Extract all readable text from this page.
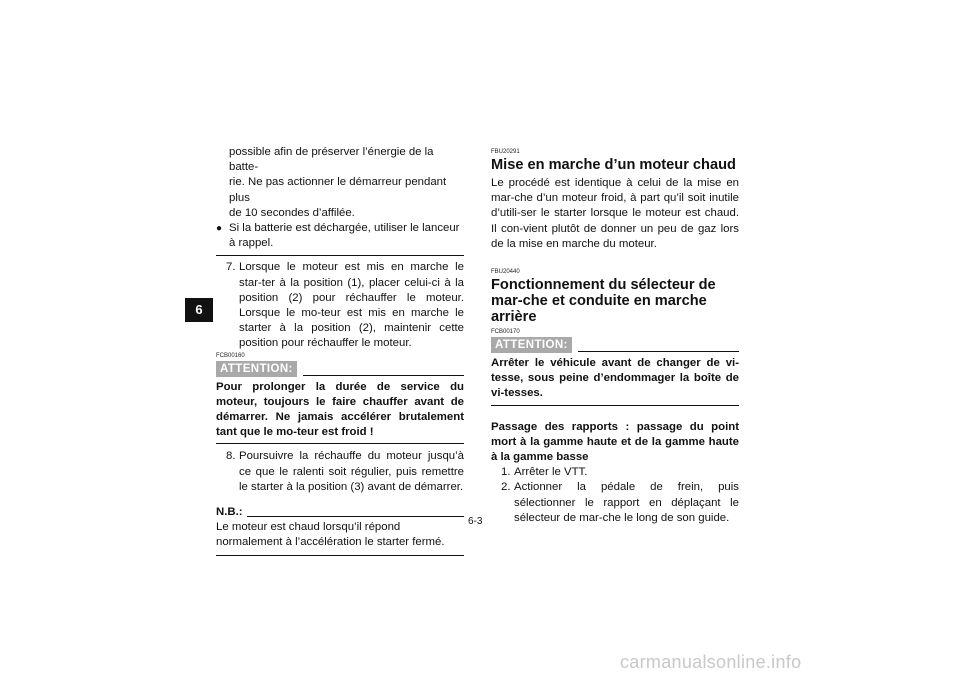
6

possible afin de préserver l’énergie de la batte-

rie. Ne pas actionner le démarreur pendant plus

de 10 secondes d’affilée.

● Si la batterie est déchargée, utiliser le lanceur à rappel.

7. Lorsque le moteur est mis en marche le star-ter à la position (1), placer celui-ci à la position (2) pour réchauffer le moteur. Lorsque le mo-teur est mis en marche le starter à la position (2), maintenir cette position pour réchauffer le moteur.

FCB00160
ATTENTION:

Pour prolonger la durée de service du moteur, toujours le faire chauffer avant de démarrer. Ne jamais accélérer brutalement tant que le mo-teur est froid !

8. Poursuivre la réchauffe du moteur jusqu’à ce que le ralenti soit régulier, puis remettre le starter à la position (3) avant de démarrer.

N.B.:

Le moteur est chaud lorsqu’il répond normalement à l’accélération le starter fermé.

FBU20291
Mise en marche d’un moteur chaud

Le procédé est identique à celui de la mise en mar-che d’un moteur froid, à part qu’il soit inutile d’utili-ser le starter lorsque le moteur est chaud. Il con-vient plutôt de donner un peu de gaz lors de la mise en marche du moteur.

FBU20440
Fonctionnement du sélecteur de mar-che et conduite en marche arrière
FCB00170
ATTENTION:

Arrêter le véhicule avant de changer de vi-tesse, sous peine d’endommager la boîte de vi-tesses.

Passage des rapports : passage du point mort à la gamme haute et de la gamme haute à la gamme basse

1. Arrêter le VTT.

2. Actionner la pédale de frein, puis sélectionner le rapport en déplaçant le sélecteur de mar-che le long de son guide.

6-3
carmanualsonline.info
